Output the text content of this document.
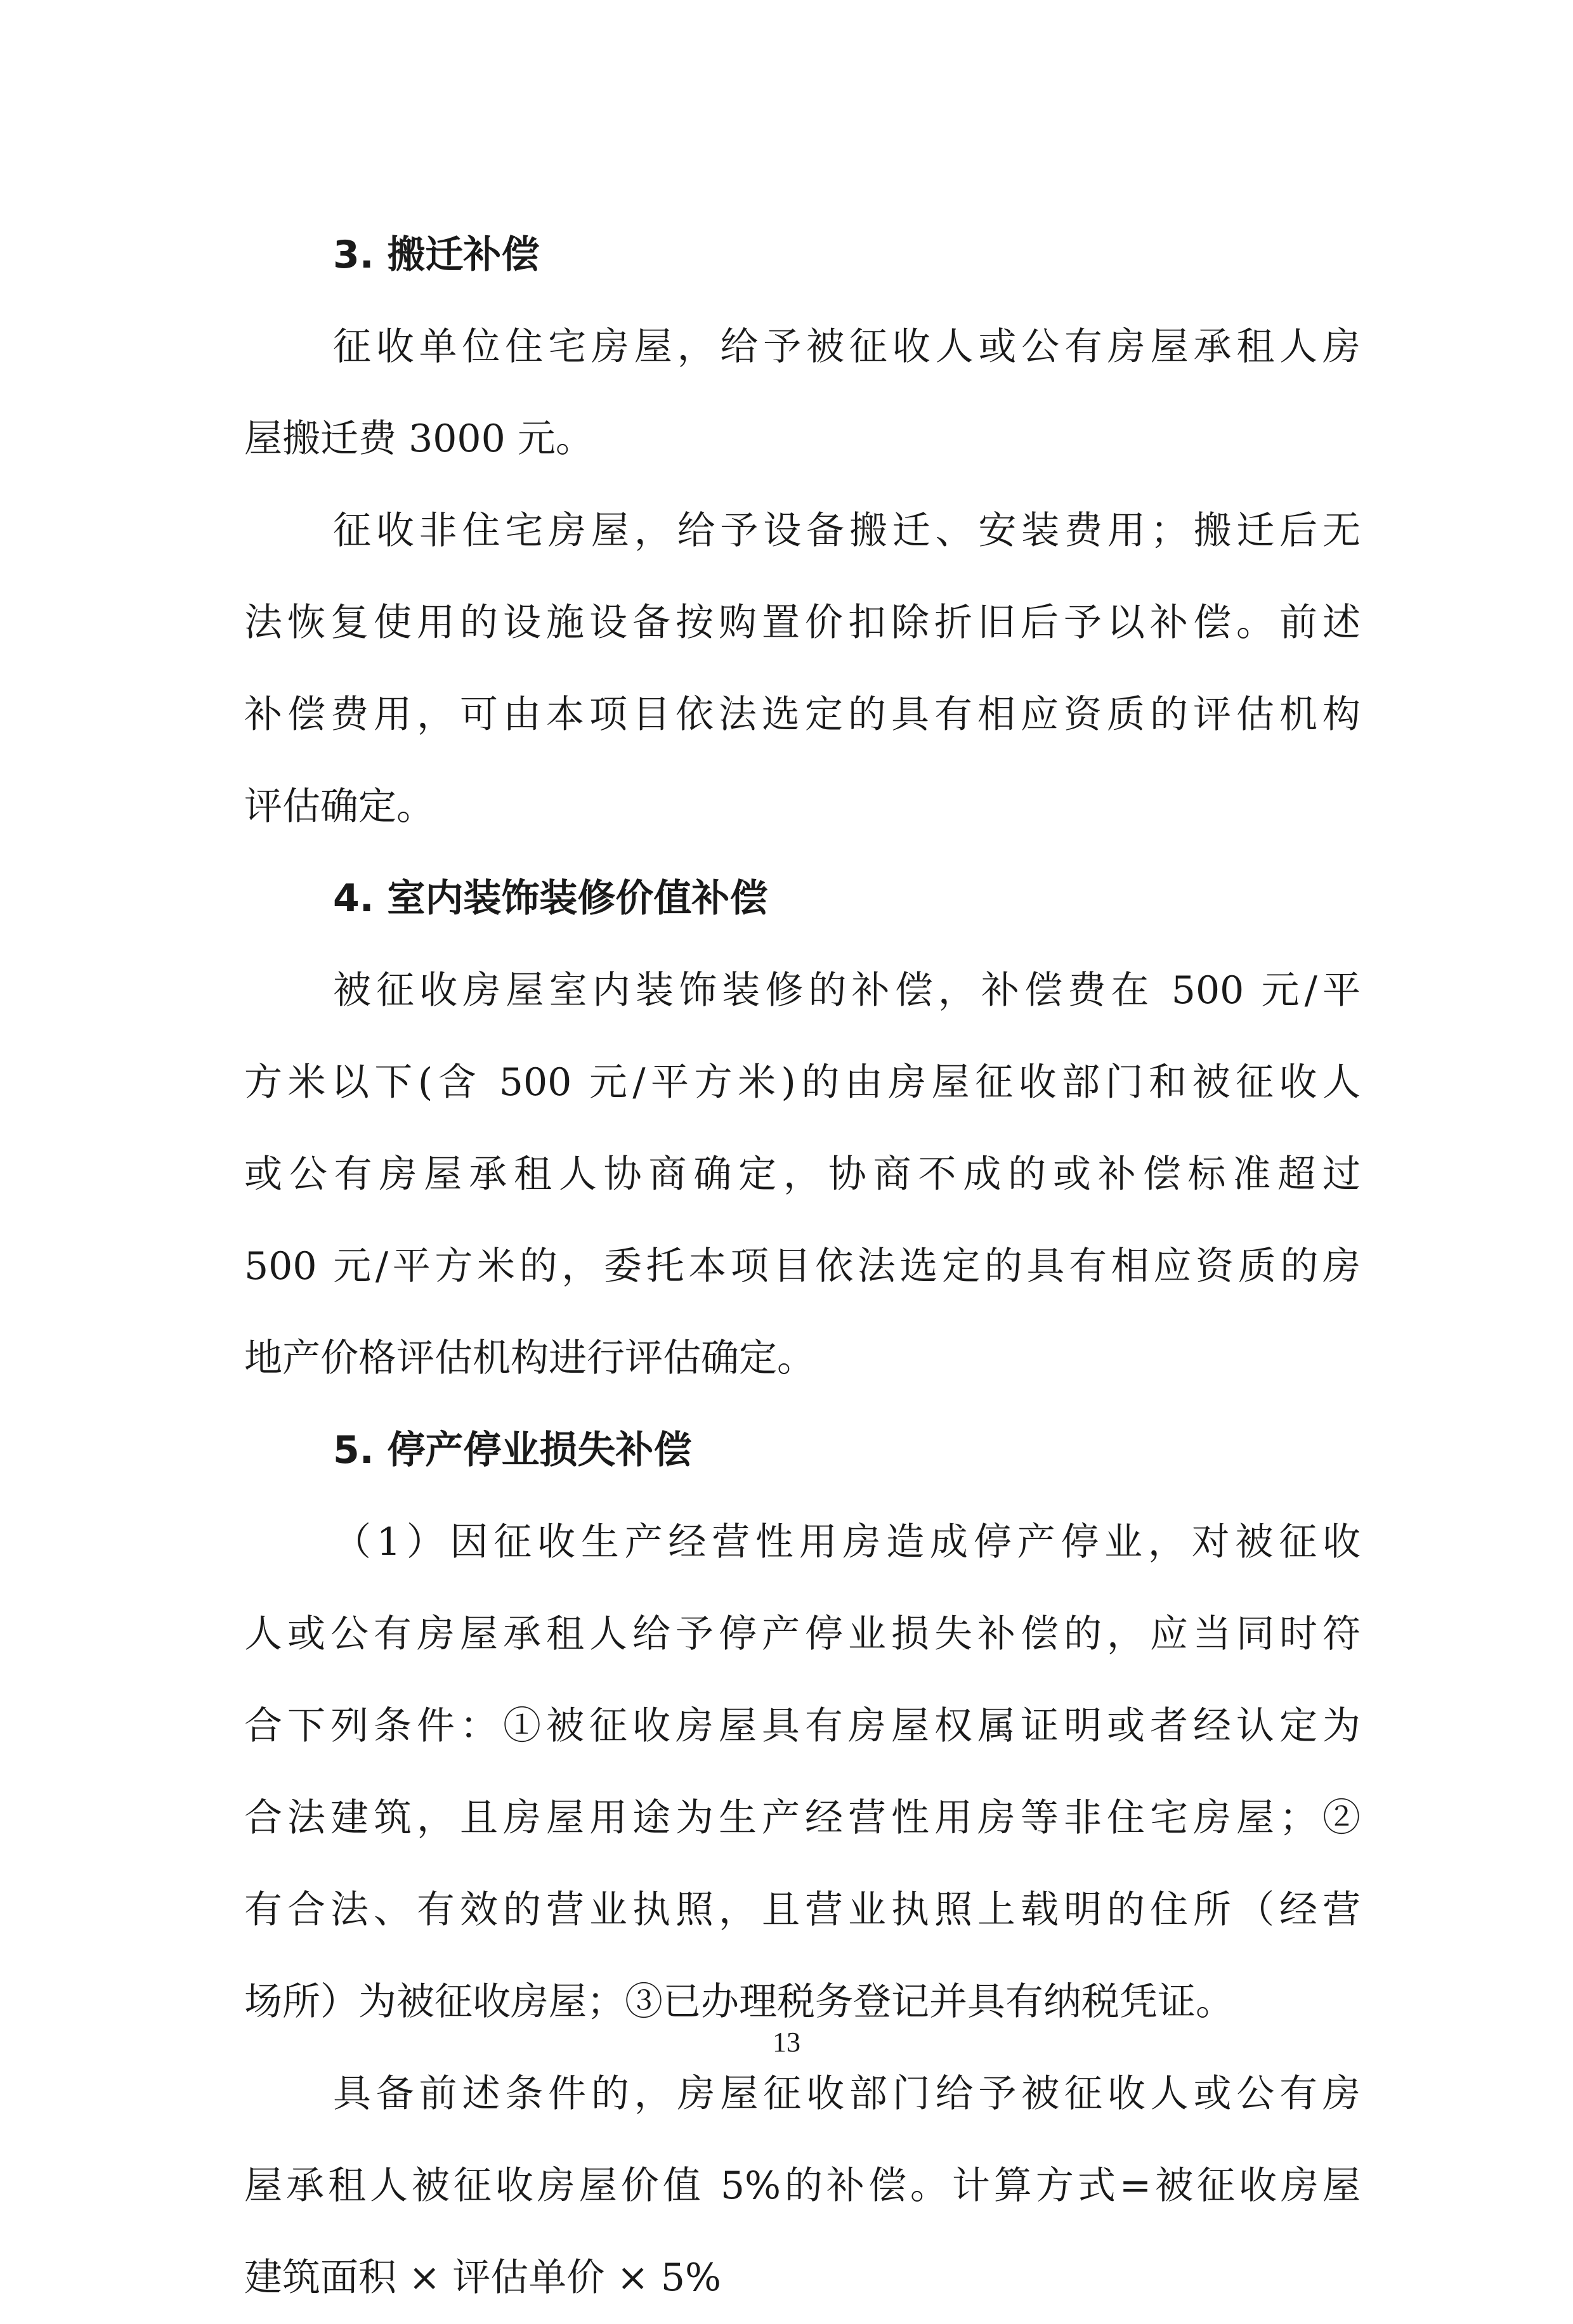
3. 搬迁补偿

征收单位住宅房屋，给予被征收人或公有房屋承租人房

屋搬迁费 3000 元。

征收非住宅房屋，给予设备搬迁、安装费用；搬迁后无

法恢复使用的设施设备按购置价扣除折旧后予以补偿。前述

补偿费用，可由本项目依法选定的具有相应资质的评估机构

评估确定。

4. 室内装饰装修价值补偿

被征收房屋室内装饰装修的补偿，补偿费在 500 元/平

方米以下(含 500 元/平方米)的由房屋征收部门和被征收人

或公有房屋承租人协商确定，协商不成的或补偿标准超过

500 元/平方米的，委托本项目依法选定的具有相应资质的房

地产价格评估机构进行评估确定。

5. 停产停业损失补偿

（1）因征收生产经营性用房造成停产停业，对被征收

人或公有房屋承租人给予停产停业损失补偿的，应当同时符

合下列条件：①被征收房屋具有房屋权属证明或者经认定为

合法建筑，且房屋用途为生产经营性用房等非住宅房屋；②

有合法、有效的营业执照，且营业执照上载明的住所（经营

场所）为被征收房屋；③已办理税务登记并具有纳税凭证。

具备前述条件的，房屋征收部门给予被征收人或公有房

屋承租人被征收房屋价值 5%的补偿。计算方式=被征收房屋

建筑面积 × 评估单价 × 5%

13
